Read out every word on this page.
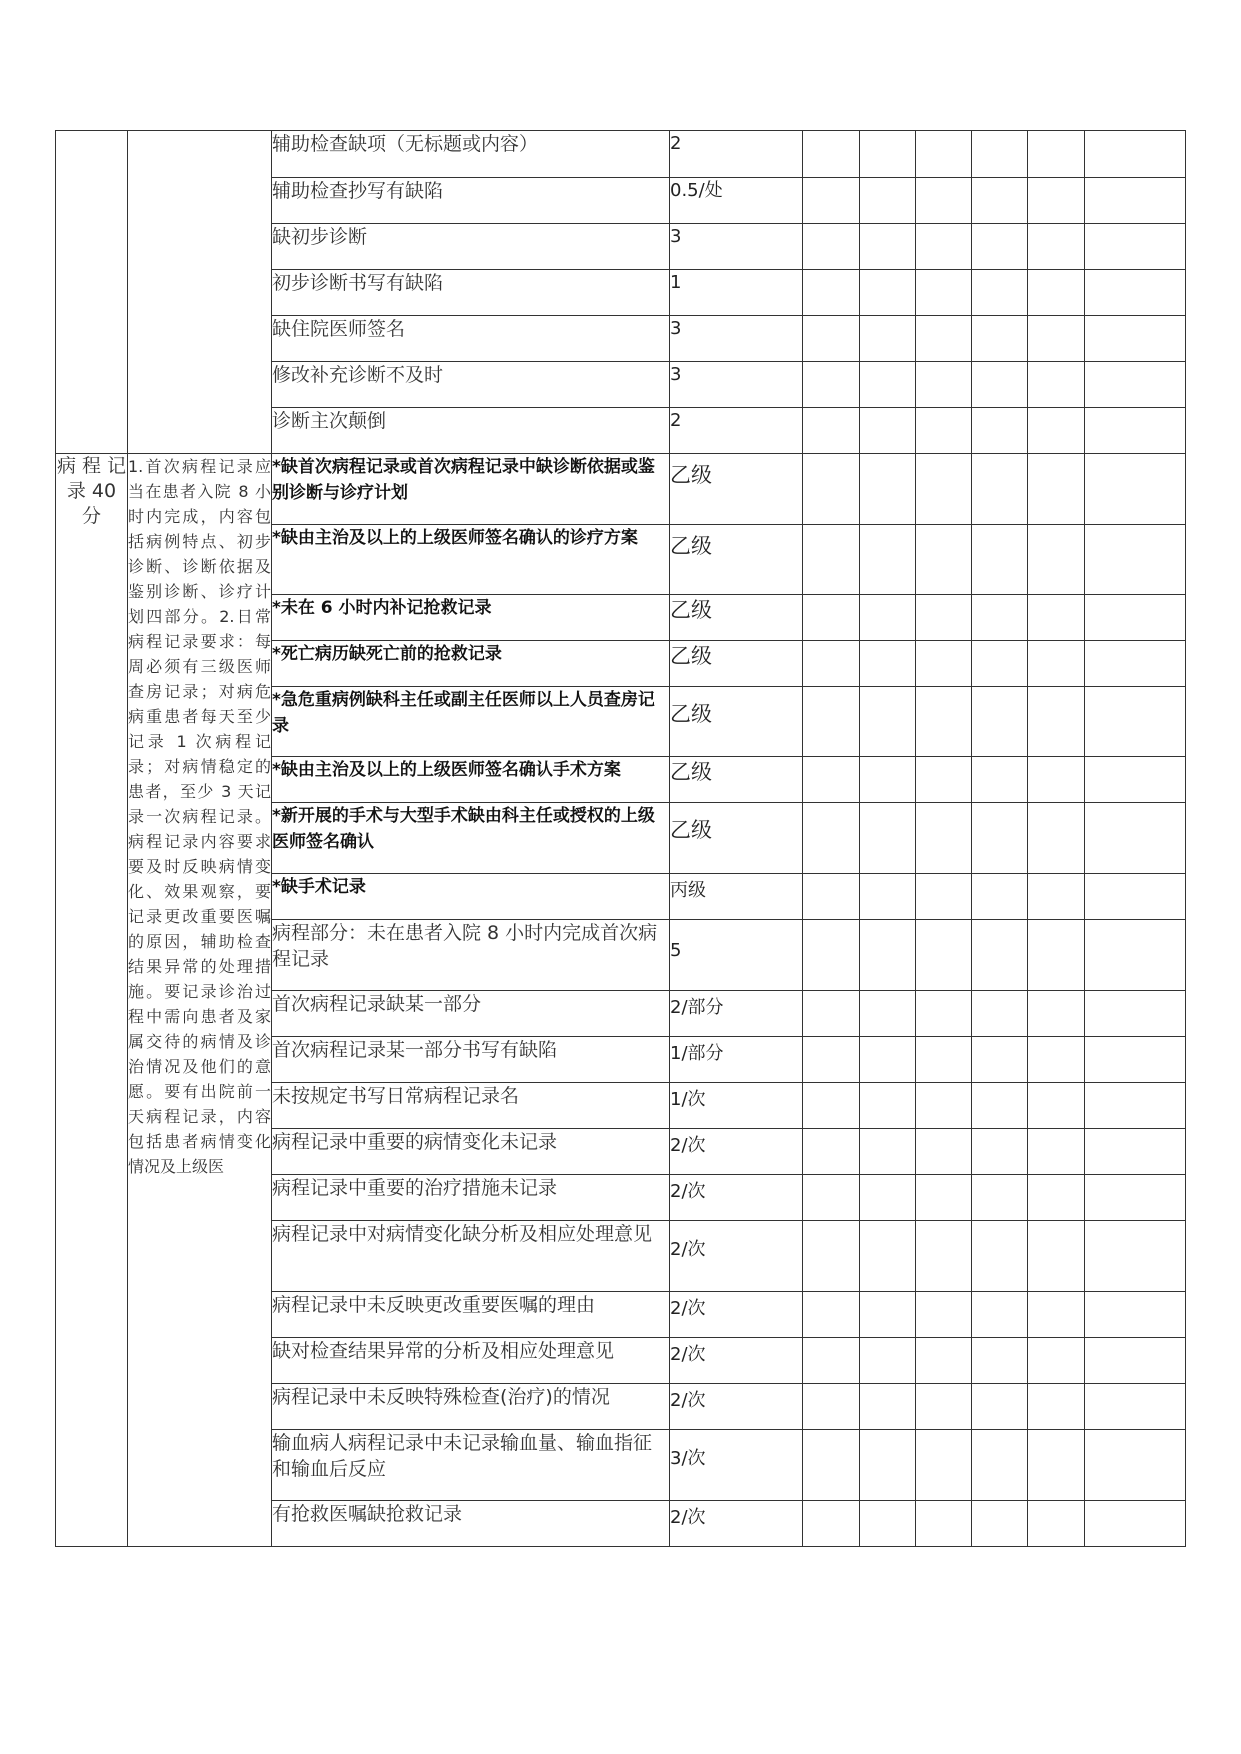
		辅助检查缺项（无标题或内容）	2						
		辅助检查抄写有缺陷	0.5/处						
		缺初步诊断	3						
		初步诊断书写有缺陷	1						
		缺住院医师签名	3						
		修改补充诊断不及时	3						
		诊断主次颠倒	2						
病 程 记录 40 分	1.首次病程记录应当在患者入院 8 小时内完成，内容包括病例特点、初步诊断、诊断依据及鉴别诊断、诊疗计划四部分。2.日常病程记录要求：每周必须有三级医师查房记录；对病危病重患者每天至少记录 1 次病程记录；对病情稳定的患者，至少 3 天记录一次病程记录。病程记录内容要求要及时反映病情变化、效果观察，要记录更改重要医嘱的原因，辅助检查结果异常的处理措施。要记录诊治过程中需向患者及家属交待的病情及诊治情况及他们的意愿。要有出院前一天病程记录，内容包括患者病情变化情况及上级医	*缺首次病程记录或首次病程记录中缺诊断依据或鉴别诊断与诊疗计划	乙级						
		*缺由主治及以上的上级医师签名确认的诊疗方案	乙级						
		*未在 6 小时内补记抢救记录	乙级						
		*死亡病历缺死亡前的抢救记录	乙级						
		*急危重病例缺科主任或副主任医师以上人员查房记录	乙级						
		*缺由主治及以上的上级医师签名确认手术方案	乙级						
		*新开展的手术与大型手术缺由科主任或授权的上级医师签名确认	乙级						
		*缺手术记录	丙级						
		病程部分：未在患者入院 8 小时内完成首次病程记录	5						
		首次病程记录缺某一部分	2/部分						
		首次病程记录某一部分书写有缺陷	1/部分						
		未按规定书写日常病程记录名	1/次						
		病程记录中重要的病情变化未记录	2/次						
		病程记录中重要的治疗措施未记录	2/次						
		病程记录中对病情变化缺分析及相应处理意见	2/次						
		病程记录中未反映更改重要医嘱的理由	2/次						
		缺对检查结果异常的分析及相应处理意见	2/次						
		病程记录中未反映特殊检查(治疗)的情况	2/次						
		输血病人病程记录中未记录输血量、输血指征和输血后反应	3/次						
		有抢救医嘱缺抢救记录	2/次						
